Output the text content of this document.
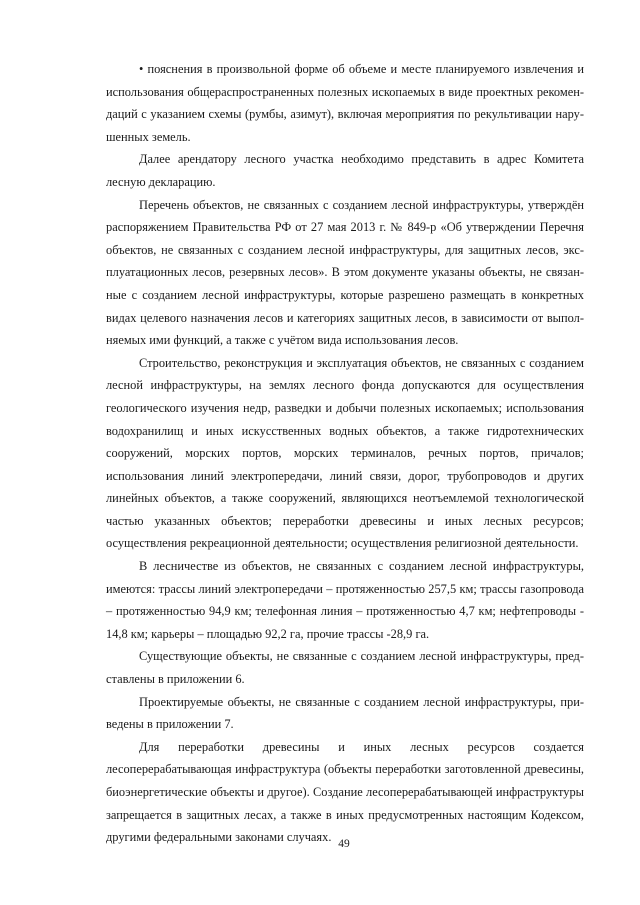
• пояснения в произвольной форме об объеме и месте планируемого извлечения и использования общераспространенных полезных ископаемых в виде проектных рекомендаций с указанием схемы (румбы, азимут), включая мероприятия по рекультивации нарушенных земель.

Далее арендатору лесного участка необходимо представить в адрес Комитета лесную декларацию.

Перечень объектов, не связанных с созданием лесной инфраструктуры, утверждён распоряжением Правительства РФ от 27 мая 2013 г. № 849-р «Об утверждении Перечня объектов, не связанных с созданием лесной инфраструктуры, для защитных лесов, эксплуатационных лесов, резервных лесов». В этом документе указаны объекты, не связанные с созданием лесной инфраструктуры, которые разрешено размещать в конкретных видах целевого назначения лесов и категориях защитных лесов, в зависимости от выполняемых ими функций, а также с учётом вида использования лесов.

Строительство, реконструкция и эксплуатация объектов, не связанных с созданием лесной инфраструктуры, на землях лесного фонда допускаются для осуществления геологического изучения недр, разведки и добычи полезных ископаемых; использования водохранилищ и иных искусственных водных объектов, а также гидротехнических сооружений, морских портов, морских терминалов, речных портов, причалов; использования линий электропередачи, линий связи, дорог, трубопроводов и других линейных объектов, а также сооружений, являющихся неотъемлемой технологической частью указанных объектов; переработки древесины и иных лесных ресурсов; осуществления рекреационной деятельности; осуществления религиозной деятельности.

В лесничестве из объектов, не связанных с созданием лесной инфраструктуры, имеются: трассы линий электропередачи – протяженностью 257,5 км; трассы газопровода – протяженностью 94,9 км; телефонная линия – протяженностью 4,7 км; нефтепроводы - 14,8 км; карьеры – площадью 92,2 га, прочие трассы -28,9 га.

Существующие объекты, не связанные с созданием лесной инфраструктуры, представлены в приложении 6.

Проектируемые объекты, не связанные с созданием лесной инфраструктуры, приведены в приложении 7.

Для переработки древесины и иных лесных ресурсов создается лесоперерабатывающая инфраструктура (объекты переработки заготовленной древесины, биоэнергетические объекты и другое). Создание лесоперерабатывающей инфраструктуры запрещается в защитных лесах, а также в иных предусмотренных настоящим Кодексом, другими федеральными законами случаях. 49
